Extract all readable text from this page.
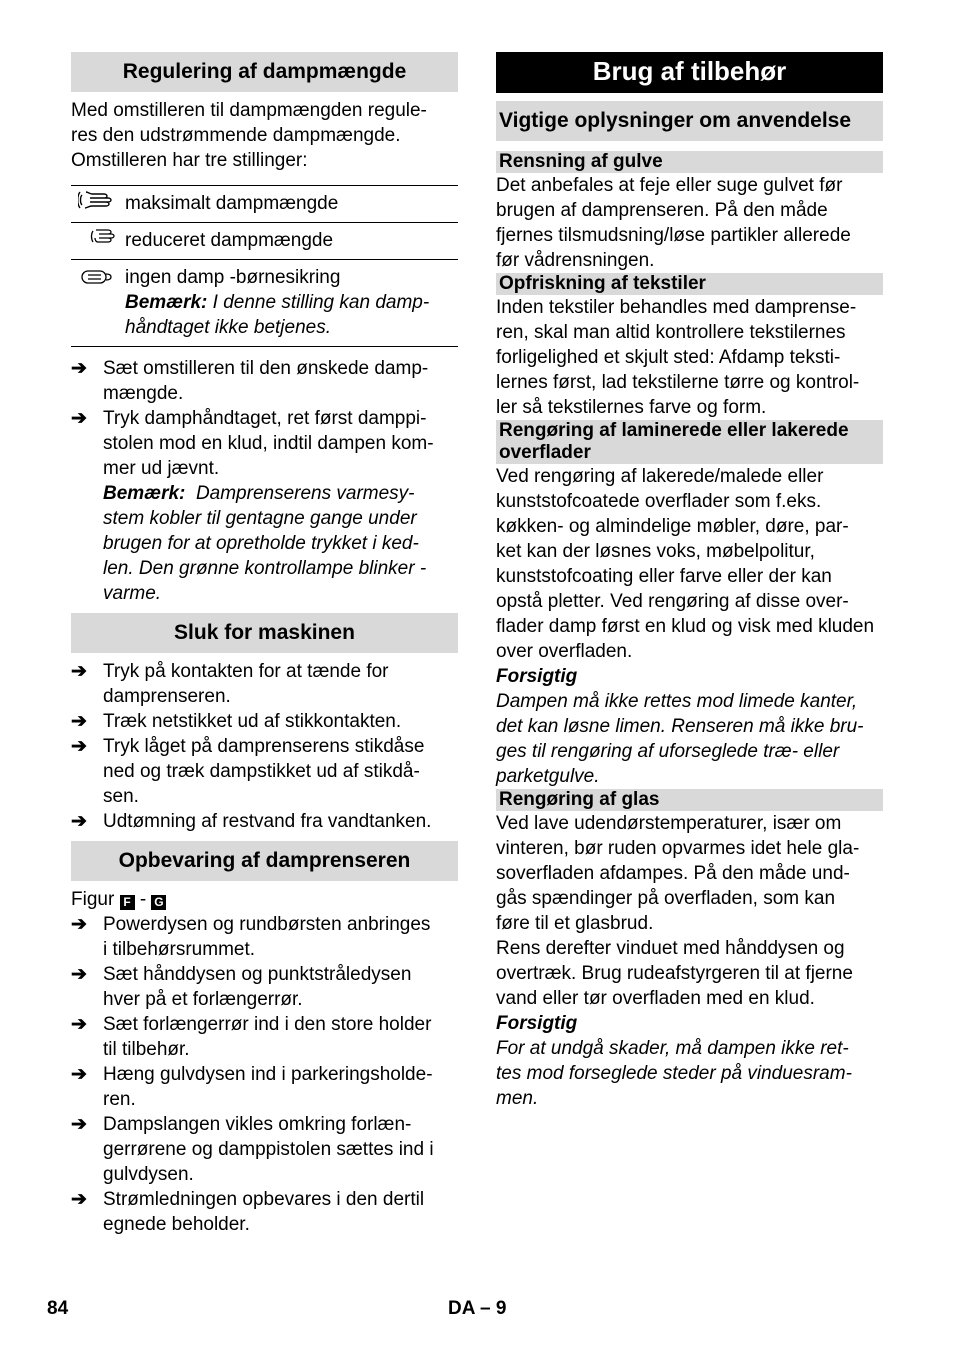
Regulering af dampmængde

Med omstilleren til dampmængden regule-

res den udstrømmende dampmængde.

Omstilleren har tre stillinger:

	maksimalt dampmængde
	reduceret dampmængde

ingen damp -børnesikring
Bemærk: I denne stilling kan damp-
håndtaget ikke betjenes.
➔ Sæt omstilleren til den ønskede damp-
mængde.
➔ Tryk damphåndtaget, ret først damppi-
stolen mod en klud, indtil dampen kom-
mer ud jævnt.
Bemærk: Damprenserens varmesy-
stem kobler til gentagne gange under
brugen for at opretholde trykket i ked-
len. Den grønne kontrollampe blinker -
varme.
Sluk for maskinen
➔ Tryk på kontakten for at tænde for
damprenseren.
➔ Træk netstikket ud af stikkontakten.
➔ Tryk låget på damprenserens stikdåse
ned og træk dampstikket ud af stikdå-
sen.
➔ Udtømning af restvand fra vandtanken.
Opbevaring af damprenseren
Figur F - G
➔ Powerdysen og rundbørsten anbringes
i tilbehørsrummet.
➔ Sæt hånddysen og punktstråledysen
hver på et forlængerrør.
➔ Sæt forlængerrør ind i den store holder
til tilbehør.
➔ Hæng gulvdysen ind i parkeringsholde-
ren.
➔ Dampslangen vikles omkring forlæn-
gerrørene og damppistolen sættes ind i
gulvdysen.
➔ Strømledningen opbevares i den dertil
egnede beholder.
Brug af tilbehør
Vigtige oplysninger om anvendelse
Rensning af gulve

Det anbefales at feje eller suge gulvet før

brugen af damprenseren. På den måde

fjernes tilsmudsning/løse partikler allerede

før vådrensningen.

Opfriskning af tekstiler

Inden tekstiler behandles med damprense-

ren, skal man altid kontrollere tekstilernes

forligelighed et skjult sted: Afdamp teksti-

lernes først, lad tekstilerne tørre og kontrol-

ler så tekstilernes farve og form.

Rengøring af laminerede eller lakerede
overflader

Ved rengøring af lakerede/malede eller

kunststofcoatede overflader som f.eks.

køkken- og almindelige møbler, døre, par-

ket kan der løsnes voks, møbelpolitur,

kunststofcoating eller farve eller der kan

opstå pletter. Ved rengøring af disse over-

flader damp først en klud og visk med kluden

over overfladen.

Forsigtig

Dampen må ikke rettes mod limede kanter,

det kan løsne limen. Renseren må ikke bru-

ges til rengøring af uforseglede træ- eller

parketgulve.

Rengøring af glas

Ved lave udendørstemperaturer, især om

vinteren, bør ruden opvarmes idet hele gla-

soverfladen afdampes. På den måde und-

gås spændinger på overfladen, som kan

føre til et glasbrud.

Rens derefter vinduet med hånddysen og

overtræk. Brug rudeafstyrgeren til at fjerne

vand eller tør overfladen med en klud.

Forsigtig

For at undgå skader, må dampen ikke ret-

tes mod forseglede steder på vinduesram-

men.

84	DA – 9
